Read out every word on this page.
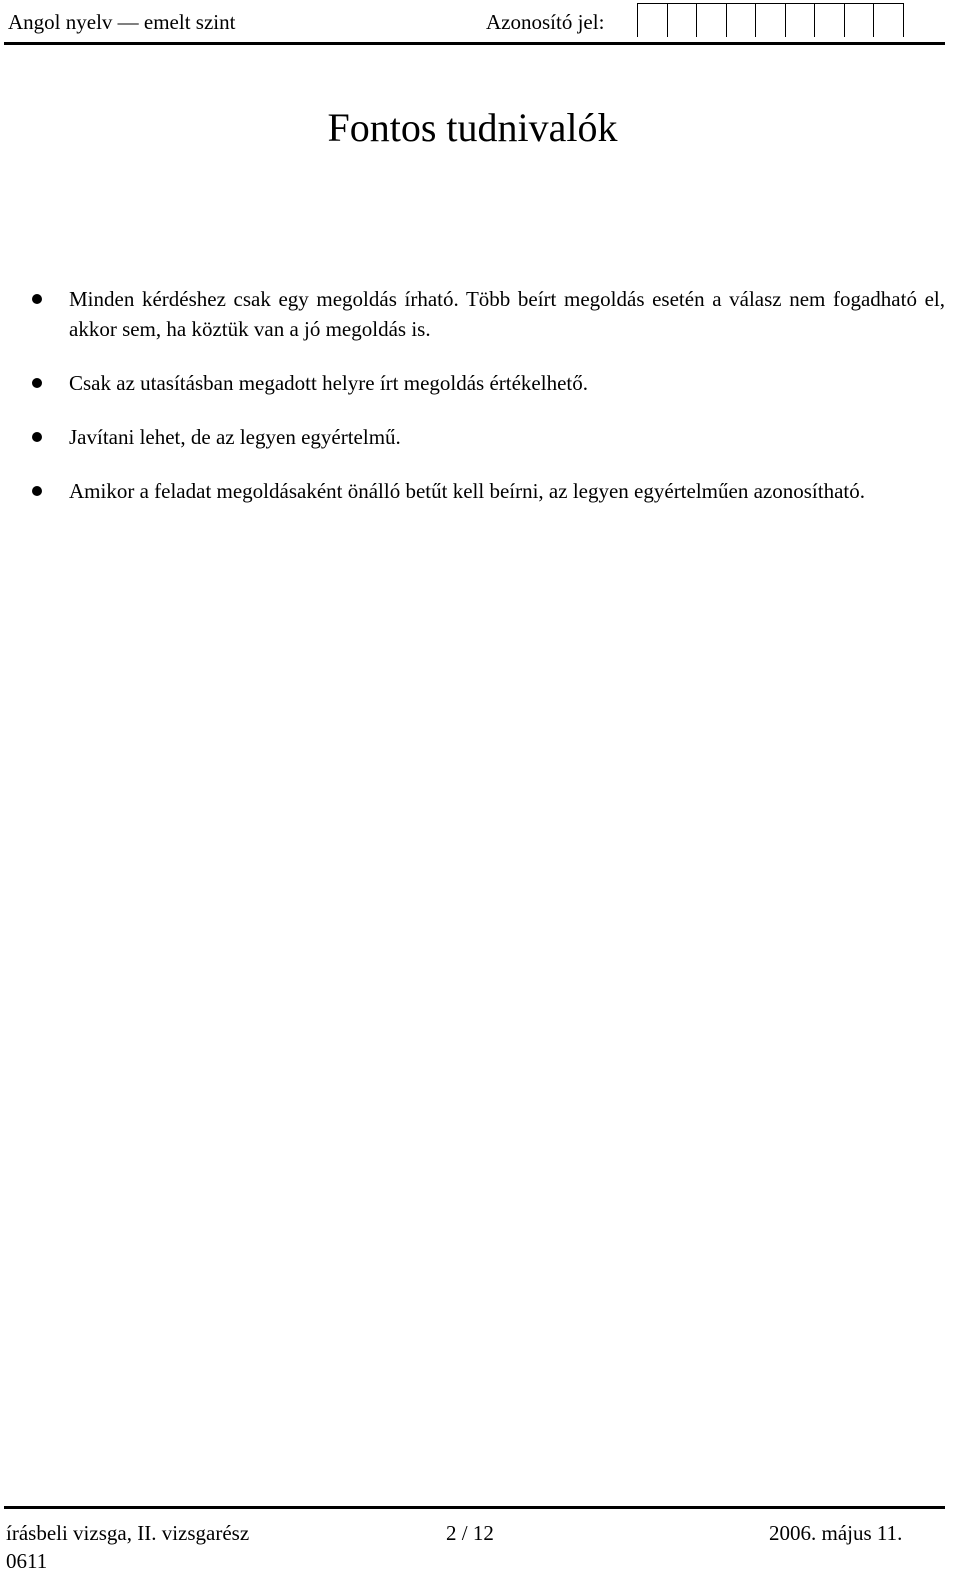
Angol nyelv — emelt szint	Azonosító jel:
Fontos tudnivalók
Minden kérdéshez csak egy megoldás írható. Több beírt megoldás esetén a válasz nem fogadható el, akkor sem, ha köztük van a jó megoldás is.
Csak az utasításban megadott helyre írt megoldás értékelhető.
Javítani lehet, de az legyen egyértelmű.
Amikor a feladat megoldásaként önálló betűt kell beírni, az legyen egyértelműen azonosítható.
írásbeli vizsga, II. vizsgarész	2 / 12	2006. május 11.
0611
